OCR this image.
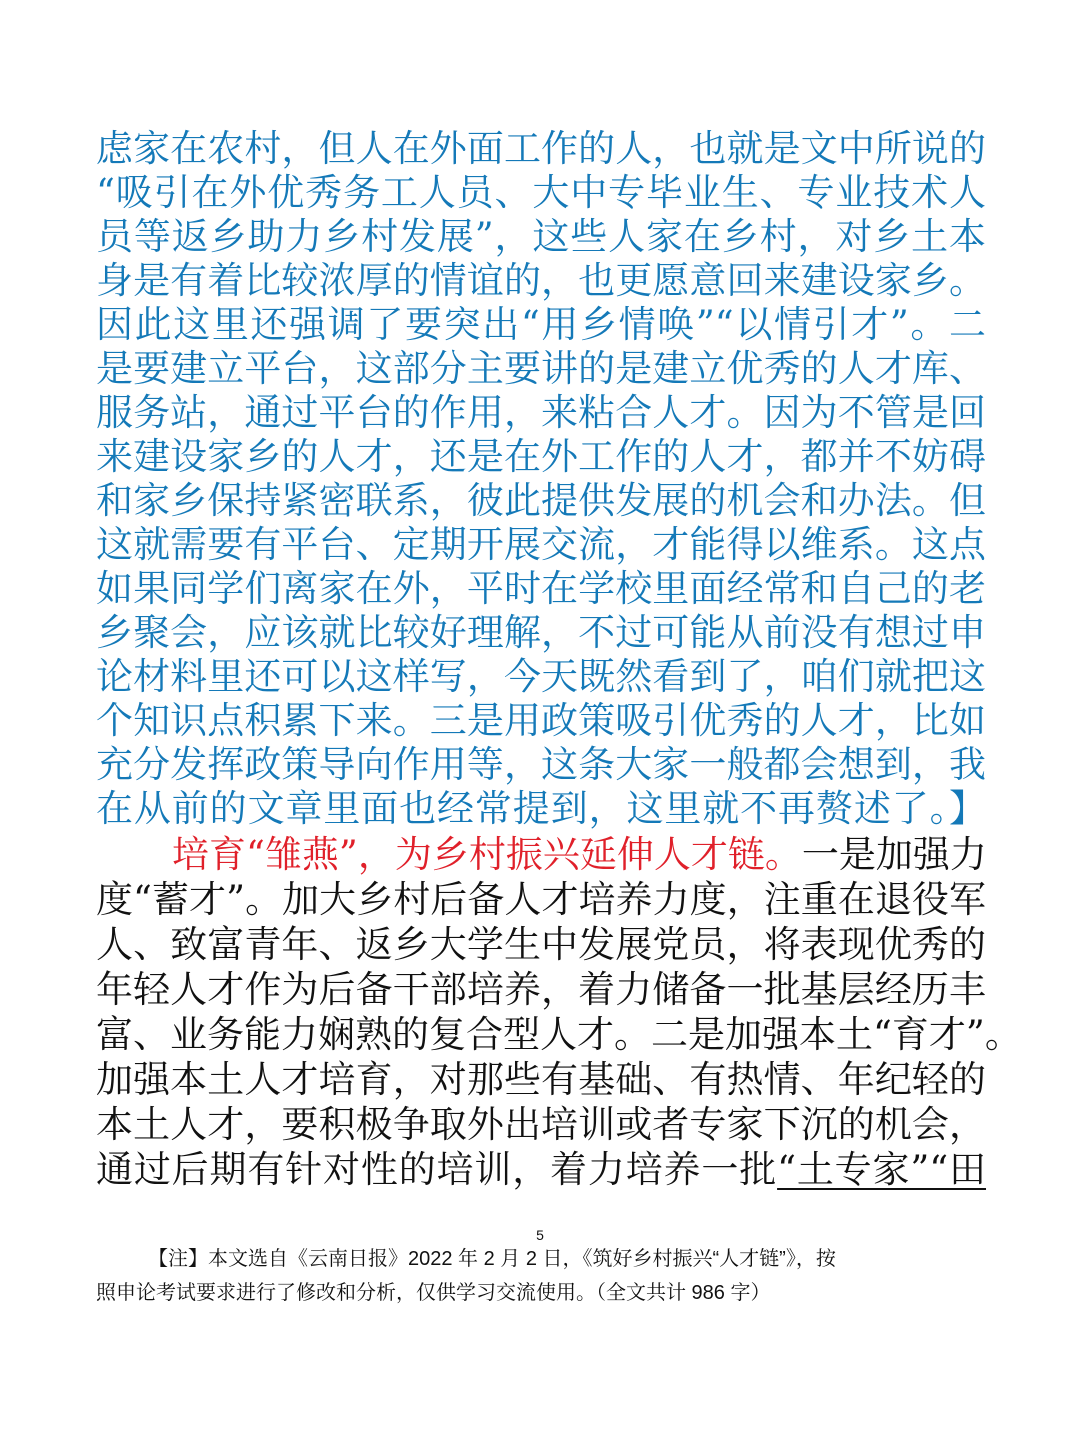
虑家在农村，但人在外面工作的人，也就是文中所说的
“吸引在外优秀务工人员、大中专毕业生、专业技术人
员等返乡助力乡村发展”，这些人家在乡村，对乡土本
身是有着比较浓厚的情谊的，也更愿意回来建设家乡。
因此这里还强调了要突出“用乡情唤”“以情引才”。二
是要建立平台，这部分主要讲的是建立优秀的人才库、
服务站，通过平台的作用，来粘合人才。因为不管是回
来建设家乡的人才，还是在外工作的人才，都并不妨碍
和家乡保持紧密联系，彼此提供发展的机会和办法。但
这就需要有平台、定期开展交流，才能得以维系。这点
如果同学们离家在外，平时在学校里面经常和自己的老
乡聚会，应该就比较好理解，不过可能从前没有想过申
论材料里还可以这样写，今天既然看到了，咱们就把这
个知识点积累下来。三是用政策吸引优秀的人才，比如
充分发挥政策导向作用等，这条大家一般都会想到，我
在从前的文章里面也经常提到，这里就不再赘述了。】
培育“雏燕”，为乡村振兴延伸人才链。一是加强力
度“蓄才”。加大乡村后备人才培养力度，注重在退役军
人、致富青年、返乡大学生中发展党员，将表现优秀的
年轻人才作为后备干部培养，着力储备一批基层经历丰
富、业务能力娴熟的复合型人才。二是加强本土“育才”。
加强本土人才培育，对那些有基础、有热情、年纪轻的
本土人才，要积极争取外出培训或者专家下沉的机会，
通过后期有针对性的培训，着力培养一批“土专家”“田
5
【注】本文选自《云南日报》2022 年 2 月 2 日，《筑好乡村振兴“人才链”》，按
照申论考试要求进行了修改和分析，仅供学习交流使用。（全文共计 986 字）
